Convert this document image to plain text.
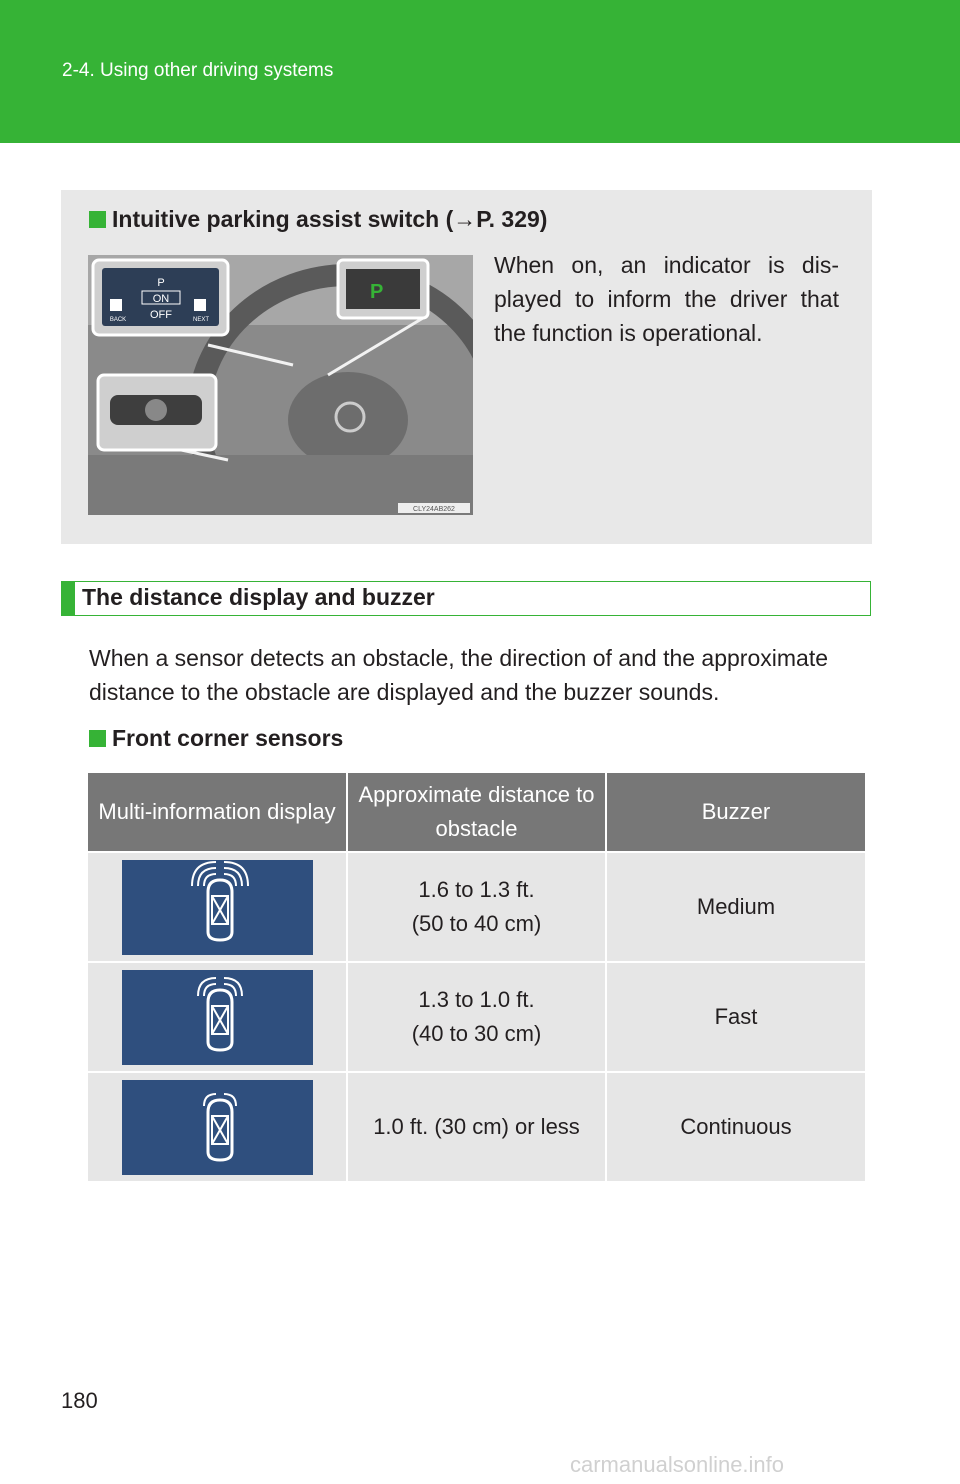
2-4. Using other driving systems
Intuitive parking assist switch (→P. 329)
P
ON
OFF
BACK	NEXT
P
CLY24AB262
When on, an indicator is dis-played to inform the driver that the function is operational.
The distance display and buzzer
When a sensor detects an obstacle, the direction of and the approximate distance to the obstacle are displayed and the buzzer sounds.
Front corner sensors
Multi-information display	Approximate distance to obstacle	Buzzer

	1.6 to 1.3 ft.
(50 to 40 cm)	Medium

	1.3 to 1.0 ft.
(40 to 30 cm)	Fast

	1.0 ft. (30 cm) or less	Continuous
180
carmanualsonline.info
